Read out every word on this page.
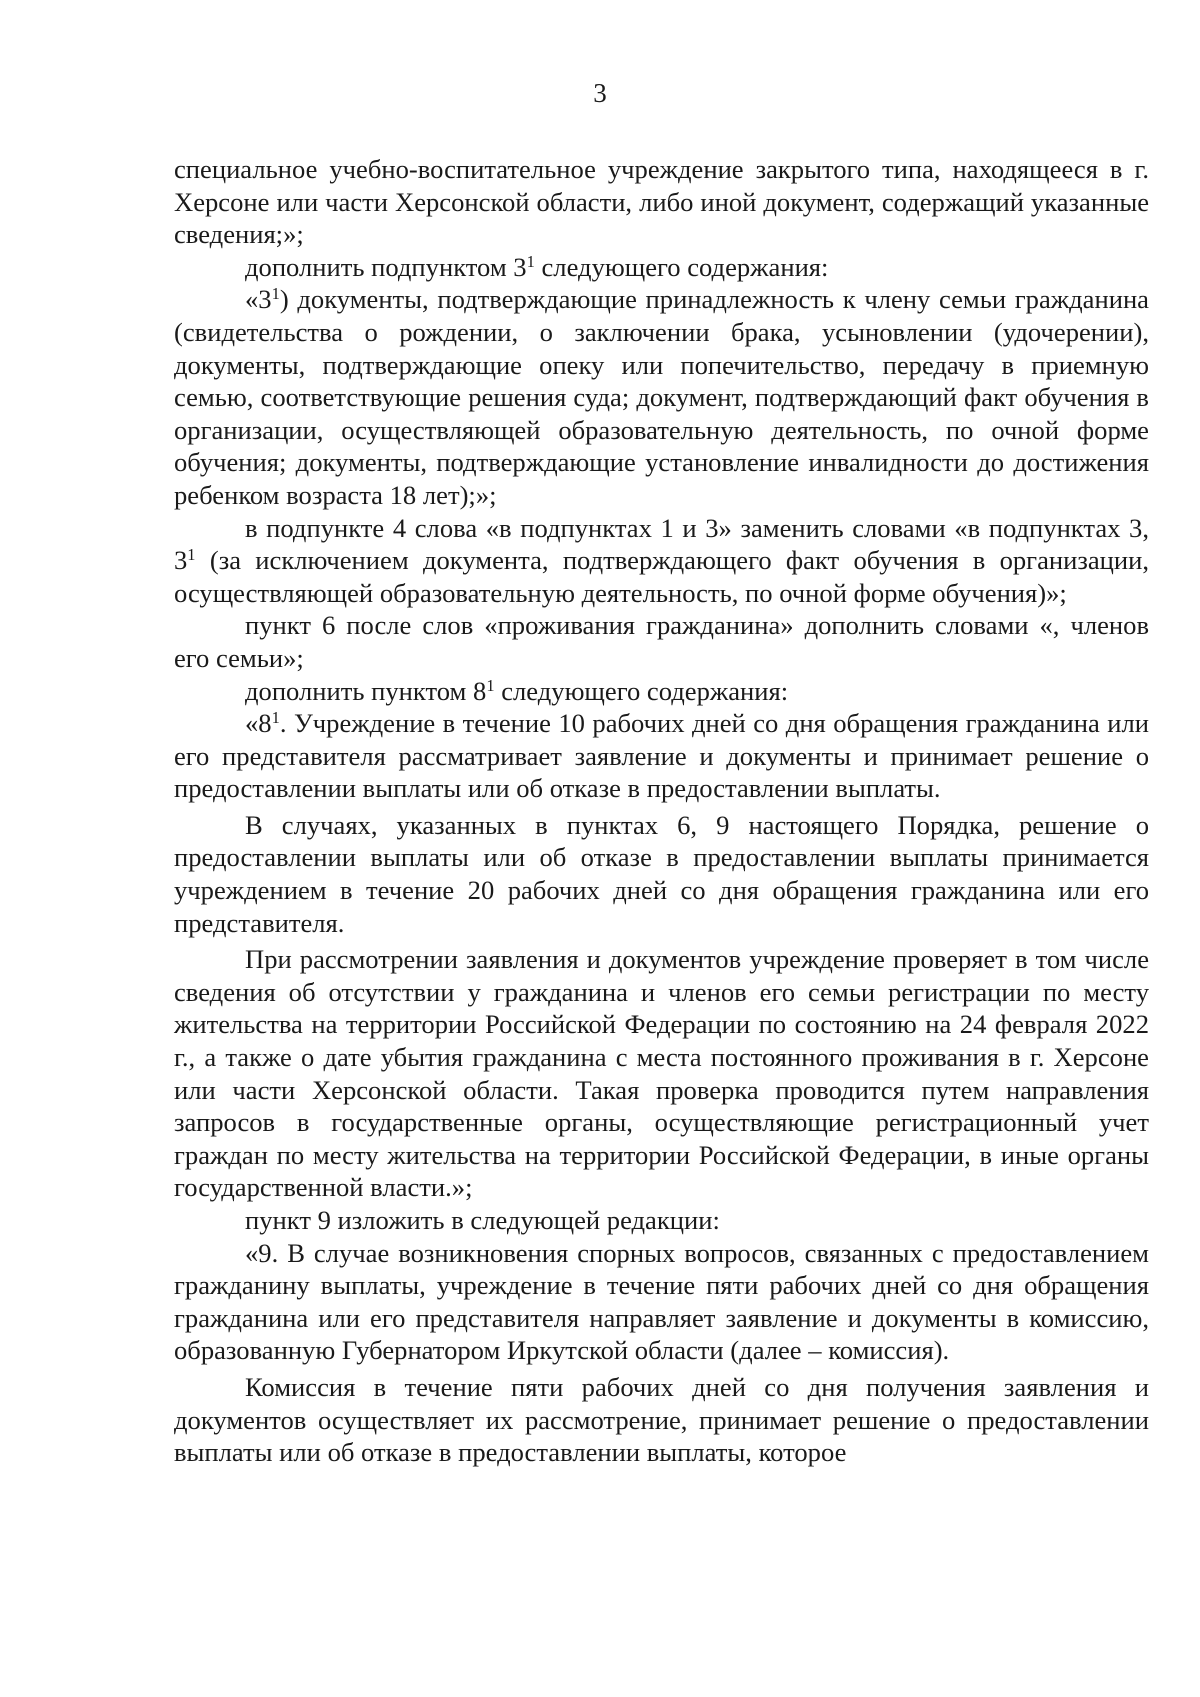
3

специальное учебно-воспитательное учреждение закрытого типа, находящееся в г. Херсоне или части Херсонской области, либо иной документ, содержащий указанные сведения;»;

дополнить подпунктом $3^1$ следующего содержания:

«$3^1$) документы, подтверждающие принадлежность к члену семьи гражданина (свидетельства о рождении, о заключении брака, усыновлении (удочерении), документы, подтверждающие опеку или попечительство, передачу в приемную семью, соответствующие решения суда; документ, подтверждающий факт обучения в организации, осуществляющей образовательную деятельность, по очной форме обучения; документы, подтверждающие установление инвалидности до достижения ребенком возраста 18 лет);»;

в подпункте 4 слова «в подпунктах 1 и 3» заменить словами «в подпунктах 3, $3^1$ (за исключением документа, подтверждающего факт обучения в организации, осуществляющей образовательную деятельность, по очной форме обучения)»;

пункт 6 после слов «проживания гражданина» дополнить словами «, членов его семьи»;

дополнить пунктом $8^1$ следующего содержания:

«$8^1$. Учреждение в течение 10 рабочих дней со дня обращения гражданина или его представителя рассматривает заявление и документы и принимает решение о предоставлении выплаты или об отказе в предоставлении выплаты.

В случаях, указанных в пунктах 6, 9 настоящего Порядка, решение о предоставлении выплаты или об отказе в предоставлении выплаты принимается учреждением в течение 20 рабочих дней со дня обращения гражданина или его представителя.

При рассмотрении заявления и документов учреждение проверяет в том числе сведения об отсутствии у гражданина и членов его семьи регистрации по месту жительства на территории Российской Федерации по состоянию на 24 февраля 2022 г., а также о дате убытия гражданина с места постоянного проживания в г. Херсоне или части Херсонской области. Такая проверка проводится путем направления запросов в государственные органы, осуществляющие регистрационный учет граждан по месту жительства на территории Российской Федерации, в иные органы государственной власти.»;

пункт 9 изложить в следующей редакции:

«9. В случае возникновения спорных вопросов, связанных с предоставлением гражданину выплаты, учреждение в течение пяти рабочих дней со дня обращения гражданина или его представителя направляет заявление и документы в комиссию, образованную Губернатором Иркутской области (далее – комиссия).

Комиссия в течение пяти рабочих дней со дня получения заявления и документов осуществляет их рассмотрение, принимает решение о предоставлении выплаты или об отказе в предоставлении выплаты, которое
